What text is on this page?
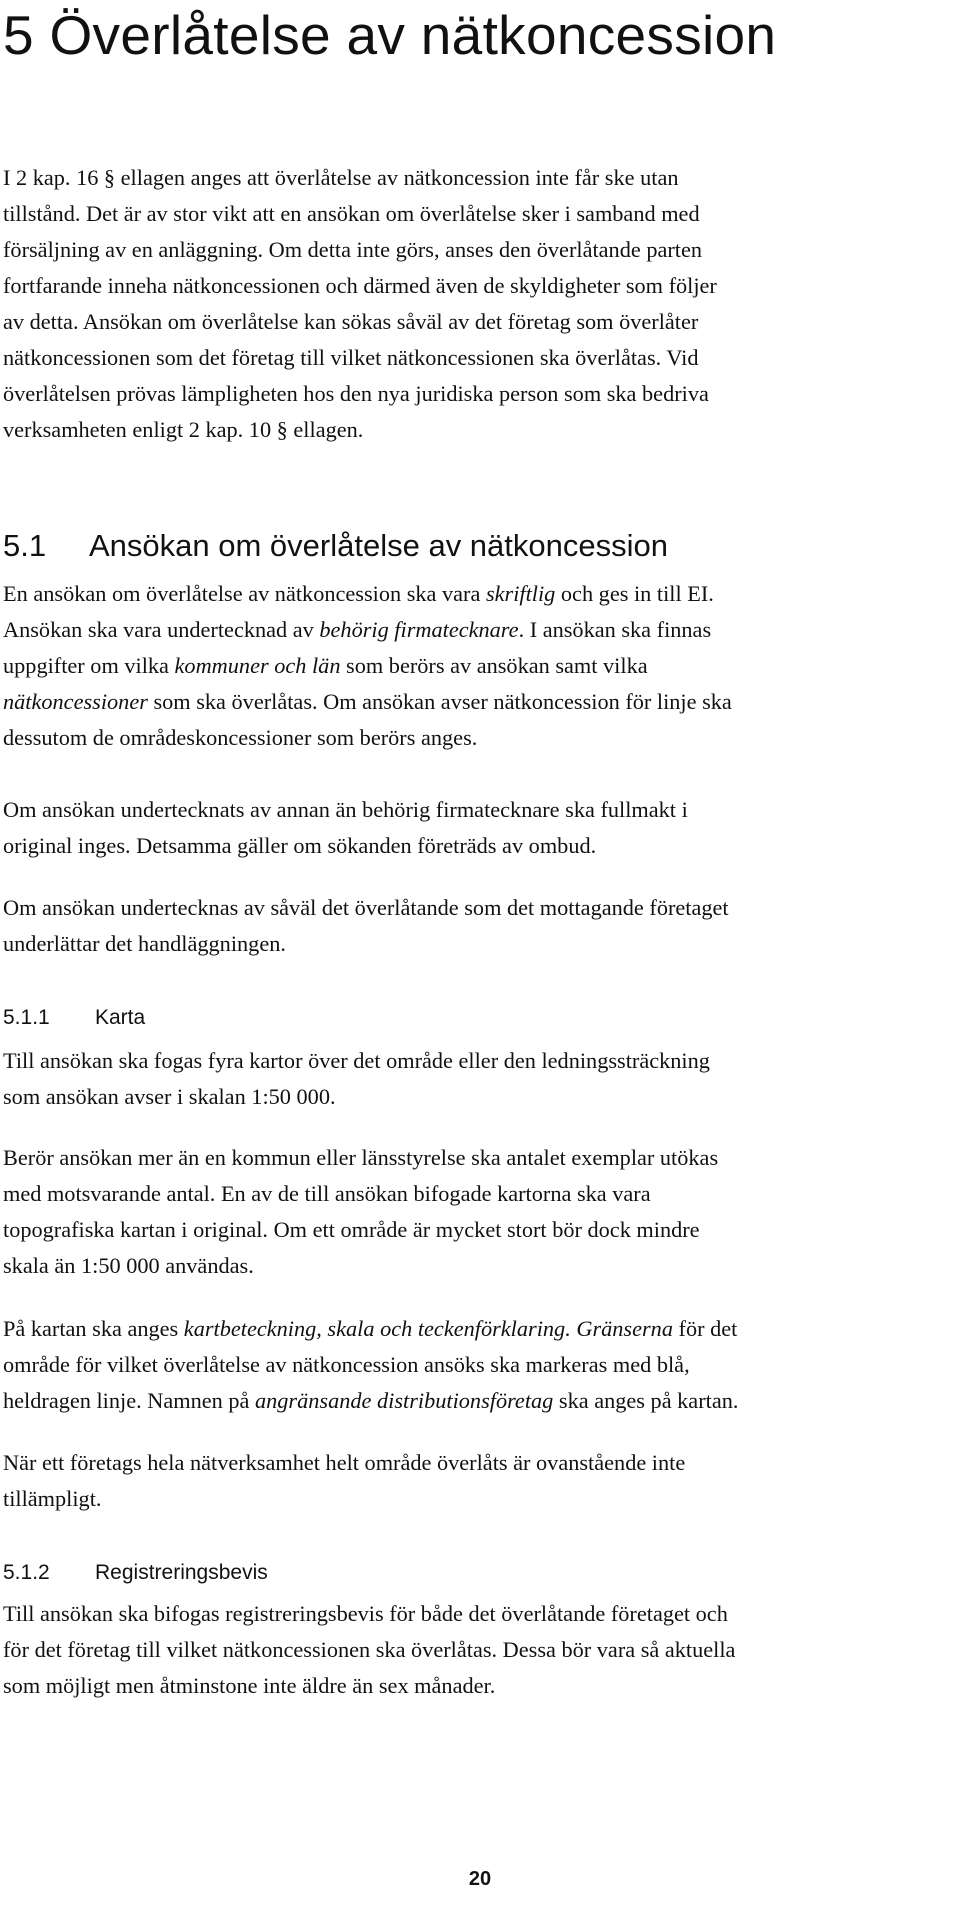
5 Överlåtelse av nätkoncession
I 2 kap. 16 § ellagen anges att överlåtelse av nätkoncession inte får ske utan
tillstånd. Det är av stor vikt att en ansökan om överlåtelse sker i samband med
försäljning av en anläggning. Om detta inte görs, anses den överlåtande parten
fortfarande inneha nätkoncessionen och därmed även de skyldigheter som följer
av detta. Ansökan om överlåtelse kan sökas såväl av det företag som överlåter
nätkoncessionen som det företag till vilket nätkoncessionen ska överlåtas. Vid
överlåtelsen prövas lämpligheten hos den nya juridiska person som ska bedriva
verksamheten enligt 2 kap. 10 § ellagen.
5.1 Ansökan om överlåtelse av nätkoncession
En ansökan om överlåtelse av nätkoncession ska vara skriftlig och ges in till EI.
Ansökan ska vara undertecknad av behörig firmatecknare. I ansökan ska finnas
uppgifter om vilka kommuner och län som berörs av ansökan samt vilka
nätkoncessioner som ska överlåtas. Om ansökan avser nätkoncession för linje ska
dessutom de områdeskoncessioner som berörs anges.
Om ansökan undertecknats av annan än behörig firmatecknare ska fullmakt i
original inges. Detsamma gäller om sökanden företräds av ombud.
Om ansökan undertecknas av såväl det överlåtande som det mottagande företaget
underlättar det handläggningen.
5.1.1 Karta
Till ansökan ska fogas fyra kartor över det område eller den ledningssträckning
som ansökan avser i skalan 1:50 000.
Berör ansökan mer än en kommun eller länsstyrelse ska antalet exemplar utökas
med motsvarande antal. En av de till ansökan bifogade kartorna ska vara
topografiska kartan i original. Om ett område är mycket stort bör dock mindre
skala än 1:50 000 användas.
På kartan ska anges kartbeteckning, skala och teckenförklaring. Gränserna för det
område för vilket överlåtelse av nätkoncession ansöks ska markeras med blå,
heldragen linje. Namnen på angränsande distributionsföretag ska anges på kartan.
När ett företags hela nätverksamhet helt område överlåts är ovanstående inte
tillämpligt.
5.1.2 Registreringsbevis
Till ansökan ska bifogas registreringsbevis för både det överlåtande företaget och
för det företag till vilket nätkoncessionen ska överlåtas. Dessa bör vara så aktuella
som möjligt men åtminstone inte äldre än sex månader.
20
